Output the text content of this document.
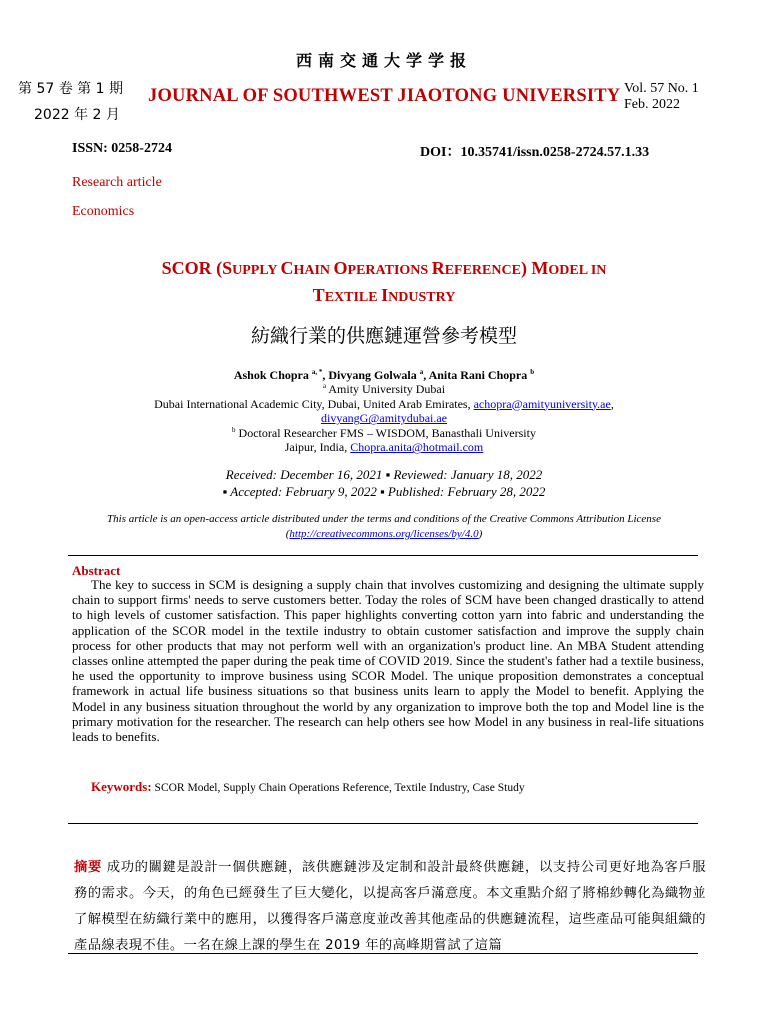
西南交通大学学报
第 57 卷 第 1 期
2022 年 2 月
JOURNAL OF SOUTHWEST JIAOTONG UNIVERSITY Vol. 57 No. 1
Feb. 2022
ISSN: 0258-2724	DOI：10.35741/issn.0258-2724.57.1.33
Research article
Economics
SCOR (SUPPLY CHAIN OPERATIONS REFERENCE) MODEL IN
TEXTILE INDUSTRY
紡織行業的供應鏈運營參考模型
Ashok Chopra $^{a, *}$, Divyang Golwala $^a$, Anita Rani Chopra $^b$
$^a$ Amity University Dubai
Dubai International Academic City, Dubai, United Arab Emirates, achopra@amityuniversity.ae,
divyangG@amitydubai.ae
$^b$ Doctoral Researcher FMS – WISDOM, Banasthali University
Jaipur, India, Chopra.anita@hotmail.com
Received: December 16, 2021 ▪ Reviewed: January 18, 2022
▪ Accepted: February 9, 2022 ▪ Published: February 28, 2022
This article is an open-access article distributed under the terms and conditions of the Creative Commons Attribution License (http://creativecommons.org/licenses/by/4.0)
Abstract
The key to success in SCM is designing a supply chain that involves customizing and designing the ultimate supply chain to support firms' needs to serve customers better. Today the roles of SCM have been changed drastically to attend to high levels of customer satisfaction. This paper highlights converting cotton yarn into fabric and understanding the application of the SCOR model in the textile industry to obtain customer satisfaction and improve the supply chain process for other products that may not perform well with an organization's product line. An MBA Student attending classes online attempted the paper during the peak time of COVID 2019. Since the student's father had a textile business, he used the opportunity to improve business using SCOR Model. The unique proposition demonstrates a conceptual framework in actual life business situations so that business units learn to apply the Model to benefit. Applying the Model in any business situation throughout the world by any organization to improve both the top and Model line is the primary motivation for the researcher. The research can help others see how Model in any business in real-life situations leads to benefits.
Keywords: SCOR Model, Supply Chain Operations Reference, Textile Industry, Case Study
摘要 成功的關鍵是設計一個供應鏈，該供應鏈涉及定制和設計最終供應鏈，以支持公司更好地為客戶服務的需求。今天，的角色已經發生了巨大變化，以提高客戶滿意度。本文重點介紹了將棉紗轉化為織物並了解模型在紡織行業中的應用，以獲得客戶滿意度並改善其他產品的供應鏈流程，這些產品可能與組織的產品線表現不佳。一名在線上課的學生在 2019 年的高峰期嘗試了這篇
